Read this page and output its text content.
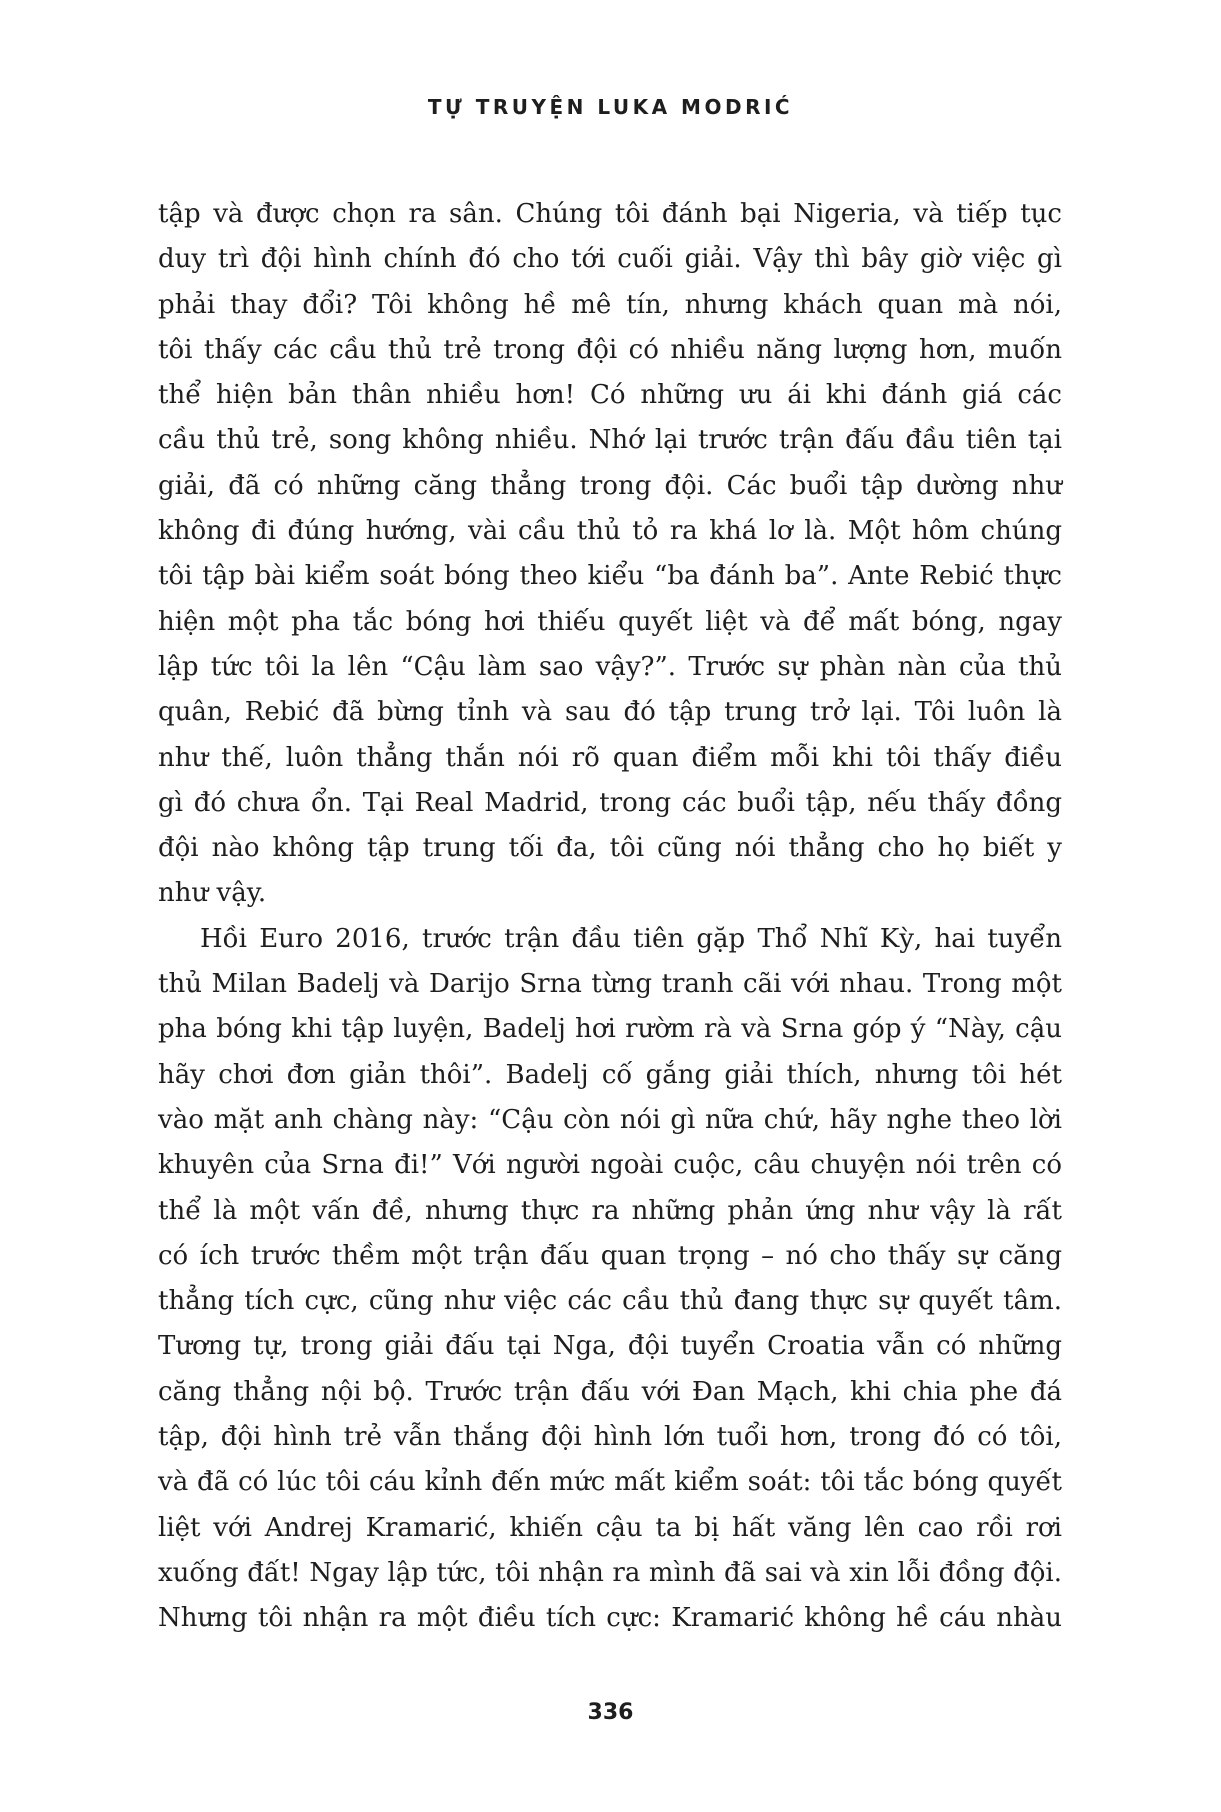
TỰ TRUYỆN LUKA MODRIĆ
tập và được chọn ra sân. Chúng tôi đánh bại Nigeria, và tiếp tục
duy trì đội hình chính đó cho tới cuối giải. Vậy thì bây giờ việc gì
phải thay đổi? Tôi không hề mê tín, nhưng khách quan mà nói,
tôi thấy các cầu thủ trẻ trong đội có nhiều năng lượng hơn, muốn
thể hiện bản thân nhiều hơn! Có những ưu ái khi đánh giá các
cầu thủ trẻ, song không nhiều. Nhớ lại trước trận đấu đầu tiên tại
giải, đã có những căng thẳng trong đội. Các buổi tập dường như
không đi đúng hướng, vài cầu thủ tỏ ra khá lơ là. Một hôm chúng
tôi tập bài kiểm soát bóng theo kiểu “ba đánh ba”. Ante Rebić thực
hiện một pha tắc bóng hơi thiếu quyết liệt và để mất bóng, ngay
lập tức tôi la lên “Cậu làm sao vậy?”. Trước sự phàn nàn của thủ
quân, Rebić đã bừng tỉnh và sau đó tập trung trở lại. Tôi luôn là
như thế, luôn thẳng thắn nói rõ quan điểm mỗi khi tôi thấy điều
gì đó chưa ổn. Tại Real Madrid, trong các buổi tập, nếu thấy đồng
đội nào không tập trung tối đa, tôi cũng nói thẳng cho họ biết y
như vậy.
Hồi Euro 2016, trước trận đầu tiên gặp Thổ Nhĩ Kỳ, hai tuyển
thủ Milan Badelj và Darijo Srna từng tranh cãi với nhau. Trong một
pha bóng khi tập luyện, Badelj hơi rườm rà và Srna góp ý “Này, cậu
hãy chơi đơn giản thôi”. Badelj cố gắng giải thích, nhưng tôi hét
vào mặt anh chàng này: “Cậu còn nói gì nữa chứ, hãy nghe theo lời
khuyên của Srna đi!” Với người ngoài cuộc, câu chuyện nói trên có
thể là một vấn đề, nhưng thực ra những phản ứng như vậy là rất
có ích trước thềm một trận đấu quan trọng – nó cho thấy sự căng
thẳng tích cực, cũng như việc các cầu thủ đang thực sự quyết tâm.
Tương tự, trong giải đấu tại Nga, đội tuyển Croatia vẫn có những
căng thẳng nội bộ. Trước trận đấu với Đan Mạch, khi chia phe đá
tập, đội hình trẻ vẫn thắng đội hình lớn tuổi hơn, trong đó có tôi,
và đã có lúc tôi cáu kỉnh đến mức mất kiểm soát: tôi tắc bóng quyết
liệt với Andrej Kramarić, khiến cậu ta bị hất văng lên cao rồi rơi
xuống đất! Ngay lập tức, tôi nhận ra mình đã sai và xin lỗi đồng đội.
Nhưng tôi nhận ra một điều tích cực: Kramarić không hề cáu nhàu
336
